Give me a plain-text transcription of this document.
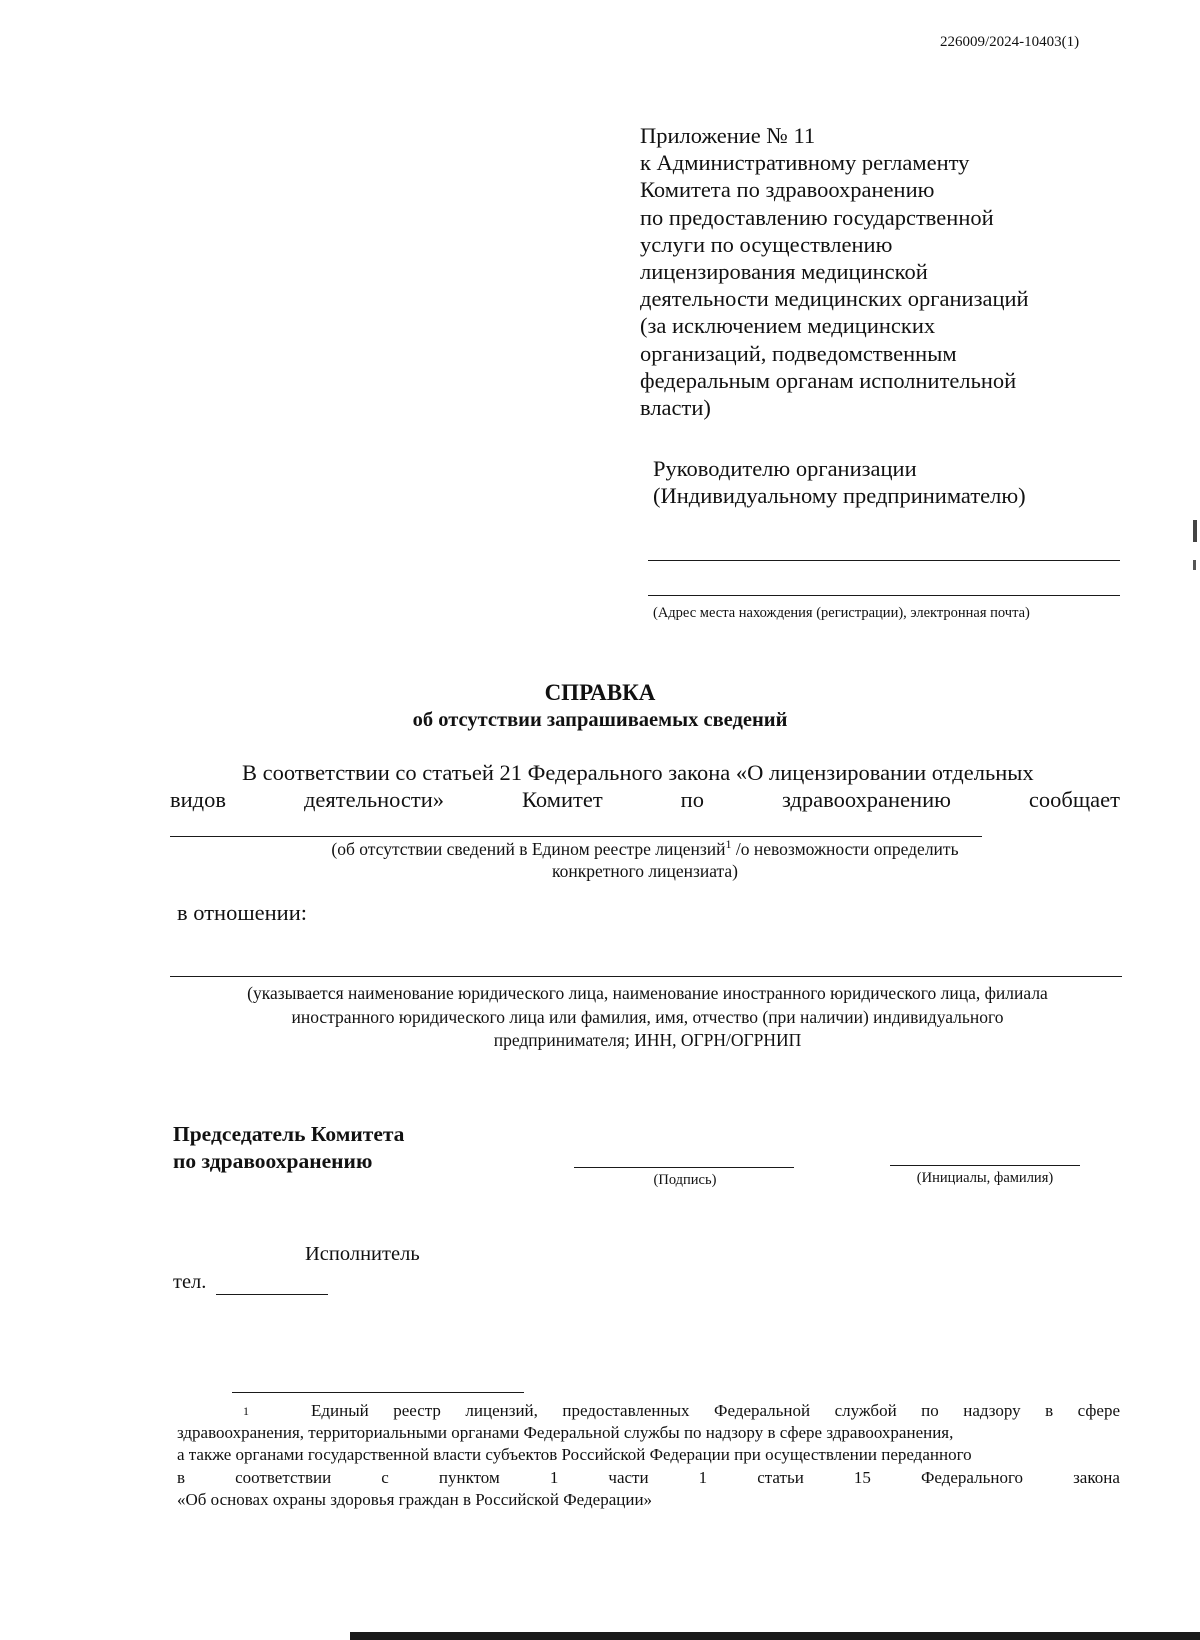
226009/2024-10403(1)
Приложение № 11
к Административному регламенту
Комитета по здравоохранению
по предоставлению государственной
услуги по осуществлению
лицензирования медицинской
деятельности медицинских организаций
(за исключением медицинских
организаций, подведомственным
федеральным органам исполнительной
власти)
Руководителю организации
(Индивидуальному предпринимателю)
(Адрес места нахождения (регистрации), электронная почта)
СПРАВКА
об отсутствии запрашиваемых сведений
В соответствии со статьей 21 Федерального закона «О лицензировании отдельных
видов	деятельности»	Комитет	по	здравоохранению	сообщает
(об отсутствии сведений в Едином реестре лицензий$^1$ /о невозможности определить
конкретного лицензиата)
в отношении:
(указывается наименование юридического лица, наименование иностранного юридического лица, филиала
иностранного юридического лица или фамилия, имя, отчество (при наличии) индивидуального
предпринимателя; ИНН, ОГРН/ОГРНИП
Председатель Комитета
по здравоохранению
(Подпись)	(Инициалы, фамилия)
Исполнитель
тел.
1	Единый реестр лицензий, предоставленных Федеральной службой по надзору в сфере
здравоохранения, территориальными органами Федеральной службы по надзору в сфере здравоохранения,
а также органами государственной власти субъектов Российской Федерации при осуществлении переданного
в	соответствии	с	пунктом	1	части	1	статьи	15	Федерального	закона
«Об основах охраны здоровья граждан в Российской Федерации»
